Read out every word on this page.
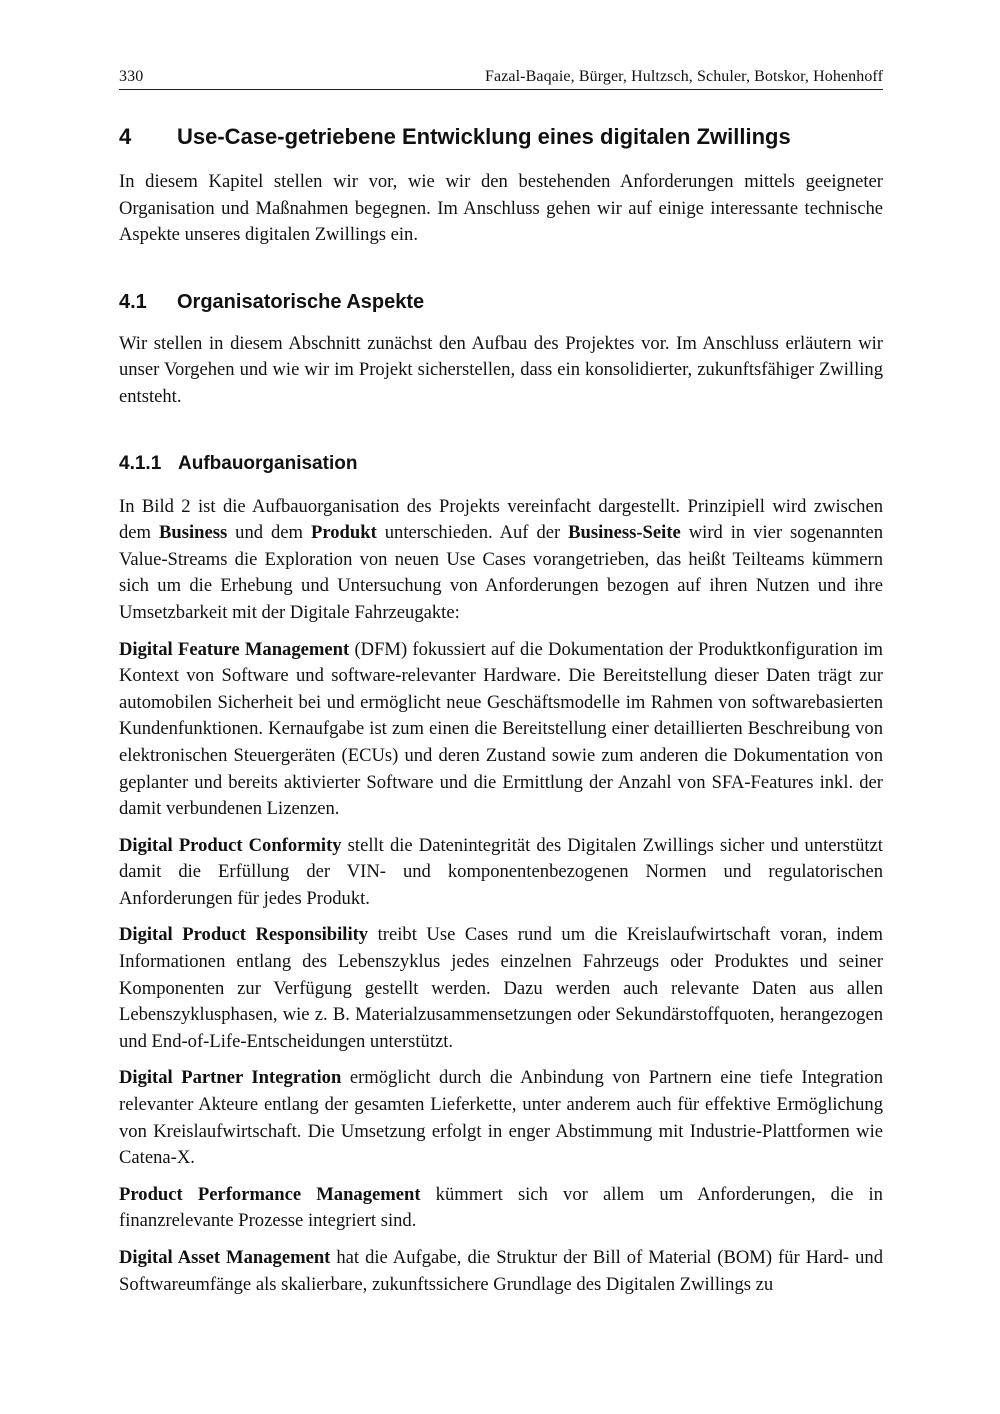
330	Fazal-Baqaie, Bürger, Hultzsch, Schuler, Botskor, Hohenhoff
4	Use-Case-getriebene Entwicklung eines digitalen Zwillings

In diesem Kapitel stellen wir vor, wie wir den bestehenden Anforderungen mittels geeigneter Organisation und Maßnahmen begegnen. Im Anschluss gehen wir auf einige interessante technische Aspekte unseres digitalen Zwillings ein.

4.1	Organisatorische Aspekte

Wir stellen in diesem Abschnitt zunächst den Aufbau des Projektes vor. Im Anschluss erläutern wir unser Vorgehen und wie wir im Projekt sicherstellen, dass ein konsolidierter, zukunftsfähiger Zwilling entsteht.

4.1.1 Aufbauorganisation

In Bild 2 ist die Aufbauorganisation des Projekts vereinfacht dargestellt. Prinzipiell wird zwischen dem Business und dem Produkt unterschieden. Auf der Business-Seite wird in vier sogenannten Value-Streams die Exploration von neuen Use Cases vorangetrieben, das heißt Teilteams kümmern sich um die Erhebung und Untersuchung von Anforderungen bezogen auf ihren Nutzen und ihre Umsetzbarkeit mit der Digitale Fahrzeugakte:

Digital Feature Management (DFM) fokussiert auf die Dokumentation der Produktkonfiguration im Kontext von Software und software-relevanter Hardware. Die Bereitstellung dieser Daten trägt zur automobilen Sicherheit bei und ermöglicht neue Geschäftsmodelle im Rahmen von softwarebasierten Kundenfunktionen. Kernaufgabe ist zum einen die Bereitstellung einer detaillierten Beschreibung von elektronischen Steuergeräten (ECUs) und deren Zustand sowie zum anderen die Dokumentation von geplanter und bereits aktivierter Software und die Ermittlung der Anzahl von SFA-Features inkl. der damit verbundenen Lizenzen.

Digital Product Conformity stellt die Datenintegrität des Digitalen Zwillings sicher und unterstützt damit die Erfüllung der VIN- und komponentenbezogenen Normen und regulatorischen Anforderungen für jedes Produkt.

Digital Product Responsibility treibt Use Cases rund um die Kreislaufwirtschaft voran, indem Informationen entlang des Lebenszyklus jedes einzelnen Fahrzeugs oder Produktes und seiner Komponenten zur Verfügung gestellt werden. Dazu werden auch relevante Daten aus allen Lebenszyklusphasen, wie z. B. Materialzusammensetzungen oder Sekundärstoffquoten, herangezogen und End-of-Life-Entscheidungen unterstützt.

Digital Partner Integration ermöglicht durch die Anbindung von Partnern eine tiefe Integration relevanter Akteure entlang der gesamten Lieferkette, unter anderem auch für effektive Ermöglichung von Kreislaufwirtschaft. Die Umsetzung erfolgt in enger Abstimmung mit Industrie-Plattformen wie Catena-X.

Product Performance Management kümmert sich vor allem um Anforderungen, die in finanzrelevante Prozesse integriert sind.

Digital Asset Management hat die Aufgabe, die Struktur der Bill of Material (BOM) für Hard- und Softwareumfänge als skalierbare, zukunftssichere Grundlage des Digitalen Zwillings zu
